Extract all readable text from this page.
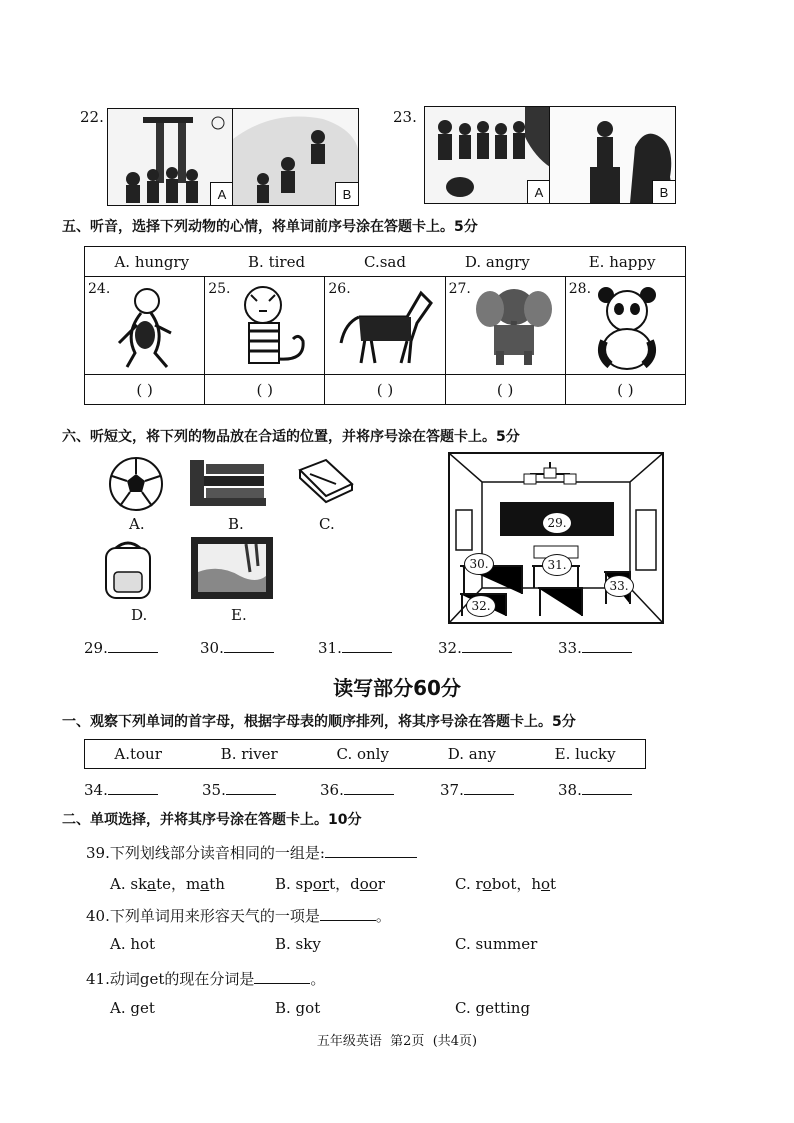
22.
A	B
23.
A	B
五、听音，选择下列动物的心情，将单词前序号涂在答题卡上。5分
A. hungry B. tired C.sad D. angry E. happy				

24.	25.	26.	27.	28.

( )	( )	( )	( )	( )
六、听短文，将下列的物品放在合适的位置，并将序号涂在答题卡上。5分
A.	B.	C.
D.	E.
29.
30.	31.
32.
33.
29.	30.	31.	32.	33.
读写部分60分
一、观察下列单词的首字母，根据字母表的顺序排列，将其序号涂在答题卡上。5分
A.tour	B. river	C. only	D. any	E. lucky
34.	35.	36.	37.	38.
二、单项选择，并将其序号涂在答题卡上。10分
39.下列划线部分读音相同的一组是:
A. skate，math	B. sport，door	C. robot，hot
40.下列单词用来形容天气的一项是	。
A. hot	B. sky	C. summer
41.动词get的现在分词是	。
A. get	B. got	C. getting
五年级英语  第2页  (共4页)
